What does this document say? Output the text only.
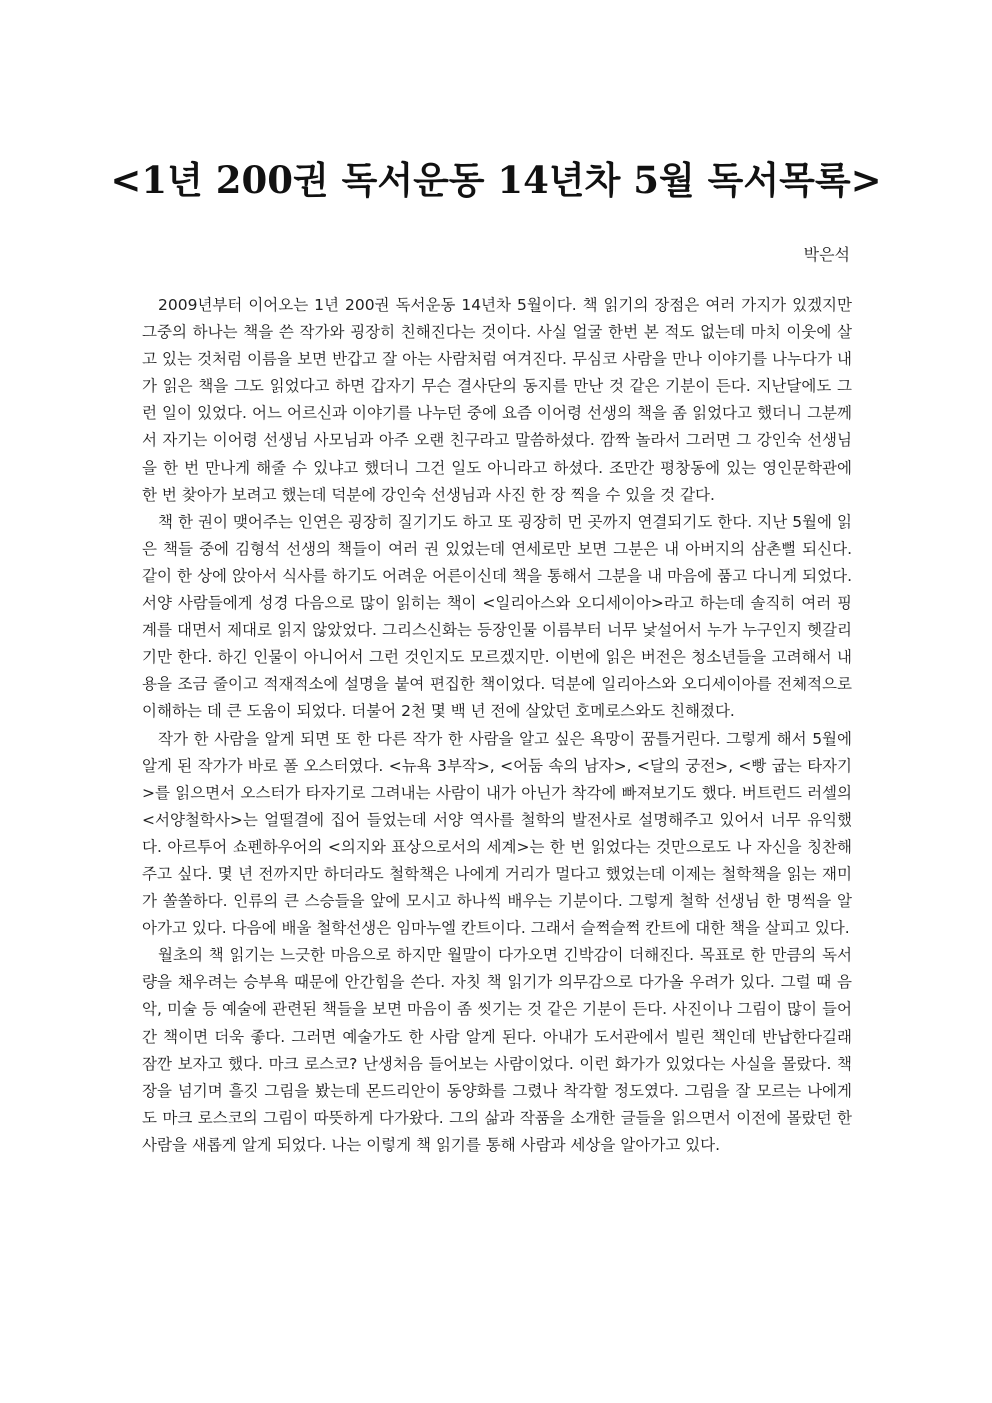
<1년 200권 독서운동 14년차 5월 독서목록>
박은석

2009년부터 이어오는 1년 200권 독서운동 14년차 5월이다. 책 읽기의 장점은 여러 가지가 있겠지만 그중의 하나는 책을 쓴 작가와 굉장히 친해진다는 것이다. 사실 얼굴 한번 본 적도 없는데 마치 이웃에 살고 있는 것처럼 이름을 보면 반갑고 잘 아는 사람처럼 여겨진다. 무심코 사람을 만나 이야기를 나누다가 내가 읽은 책을 그도 읽었다고 하면 갑자기 무슨 결사단의 동지를 만난 것 같은 기분이 든다. 지난달에도 그런 일이 있었다. 어느 어르신과 이야기를 나누던 중에 요즘 이어령 선생의 책을 좀 읽었다고 했더니 그분께서 자기는 이어령 선생님 사모님과 아주 오랜 친구라고 말씀하셨다. 깜짝 놀라서 그러면 그 강인숙 선생님을 한 번 만나게 해줄 수 있냐고 했더니 그건 일도 아니라고 하셨다. 조만간 평창동에 있는 영인문학관에 한 번 찾아가 보려고 했는데 덕분에 강인숙 선생님과 사진 한 장 찍을 수 있을 것 같다.

책 한 권이 맺어주는 인연은 굉장히 질기기도 하고 또 굉장히 먼 곳까지 연결되기도 한다. 지난 5월에 읽은 책들 중에 김형석 선생의 책들이 여러 권 있었는데 연세로만 보면 그분은 내 아버지의 삼촌뻘 되신다. 같이 한 상에 앉아서 식사를 하기도 어려운 어른이신데 책을 통해서 그분을 내 마음에 품고 다니게 되었다. 서양 사람들에게 성경 다음으로 많이 읽히는 책이 <일리아스와 오디세이아>라고 하는데 솔직히 여러 핑계를 대면서 제대로 읽지 않았었다. 그리스신화는 등장인물 이름부터 너무 낯설어서 누가 누구인지 헷갈리기만 한다. 하긴 인물이 아니어서 그런 것인지도 모르겠지만. 이번에 읽은 버전은 청소년들을 고려해서 내용을 조금 줄이고 적재적소에 설명을 붙여 편집한 책이었다. 덕분에 일리아스와 오디세이아를 전체적으로 이해하는 데 큰 도움이 되었다. 더불어 2천 몇 백 년 전에 살았던 호메로스와도 친해졌다.

작가 한 사람을 알게 되면 또 한 다른 작가 한 사람을 알고 싶은 욕망이 꿈틀거린다. 그렇게 해서 5월에 알게 된 작가가 바로 폴 오스터였다. <뉴욕 3부작>, <어둠 속의 남자>, <달의 궁전>, <빵 굽는 타자기>를 읽으면서 오스터가 타자기로 그려내는 사람이 내가 아닌가 착각에 빠져보기도 했다. 버트런드 러셀의 <서양철학사>는 얼떨결에 집어 들었는데 서양 역사를 철학의 발전사로 설명해주고 있어서 너무 유익했다. 아르투어 쇼펜하우어의 <의지와 표상으로서의 세계>는 한 번 읽었다는 것만으로도 나 자신을 칭찬해주고 싶다. 몇 년 전까지만 하더라도 철학책은 나에게 거리가 멀다고 했었는데 이제는 철학책을 읽는 재미가 쏠쏠하다. 인류의 큰 스승들을 앞에 모시고 하나씩 배우는 기분이다. 그렇게 철학 선생님 한 명씩을 알아가고 있다. 다음에 배울 철학선생은 임마누엘 칸트이다. 그래서 슬쩍슬쩍 칸트에 대한 책을 살피고 있다.

월초의 책 읽기는 느긋한 마음으로 하지만 월말이 다가오면 긴박감이 더해진다. 목표로 한 만큼의 독서량을 채우려는 승부욕 때문에 안간힘을 쓴다. 자칫 책 읽기가 의무감으로 다가올 우려가 있다. 그럴 때 음악, 미술 등 예술에 관련된 책들을 보면 마음이 좀 씻기는 것 같은 기분이 든다. 사진이나 그림이 많이 들어간 책이면 더욱 좋다. 그러면 예술가도 한 사람 알게 된다. 아내가 도서관에서 빌린 책인데 반납한다길래 잠깐 보자고 했다. 마크 로스코? 난생처음 들어보는 사람이었다. 이런 화가가 있었다는 사실을 몰랐다. 책장을 넘기며 흘깃 그림을 봤는데 몬드리안이 동양화를 그렸나 착각할 정도였다. 그림을 잘 모르는 나에게도 마크 로스코의 그림이 따뜻하게 다가왔다. 그의 삶과 작품을 소개한 글들을 읽으면서 이전에 몰랐던 한 사람을 새롭게 알게 되었다. 나는 이렇게 책 읽기를 통해 사람과 세상을 알아가고 있다.
